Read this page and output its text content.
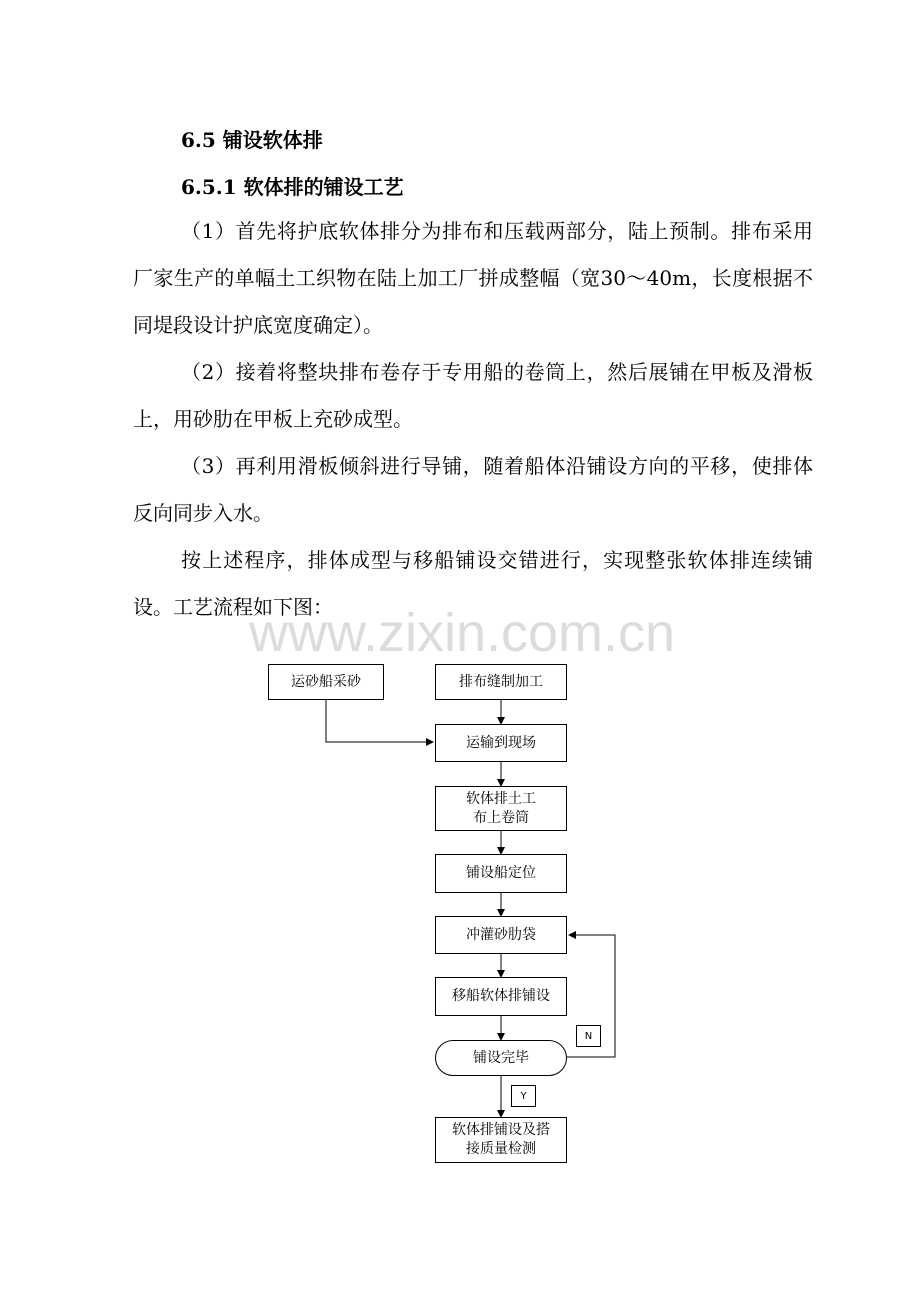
6.5 铺设软体排
6.5.1 软体排的铺设工艺

（1）首先将护底软体排分为排布和压载两部分，陆上预制。排布采用厂家生产的单幅土工织物在陆上加工厂拼成整幅（宽30～40m，长度根据不同堤段设计护底宽度确定）。

（2）接着将整块排布卷存于专用船的卷筒上，然后展铺在甲板及滑板上，用砂肋在甲板上充砂成型。

（3）再利用滑板倾斜进行导铺，随着船体沿铺设方向的平移，使排体反向同步入水。

按上述程序，排体成型与移船铺设交错进行，实现整张软体排连续铺设。工艺流程如下图：

www.zixin.com.cn
运砂船采砂	排布缝制加工
运输到现场
软体排土工布上卷筒
铺设船定位
冲灌砂肋袋
移船软体排铺设
铺设完毕
软体排铺设及搭接质量检测
N
Y
